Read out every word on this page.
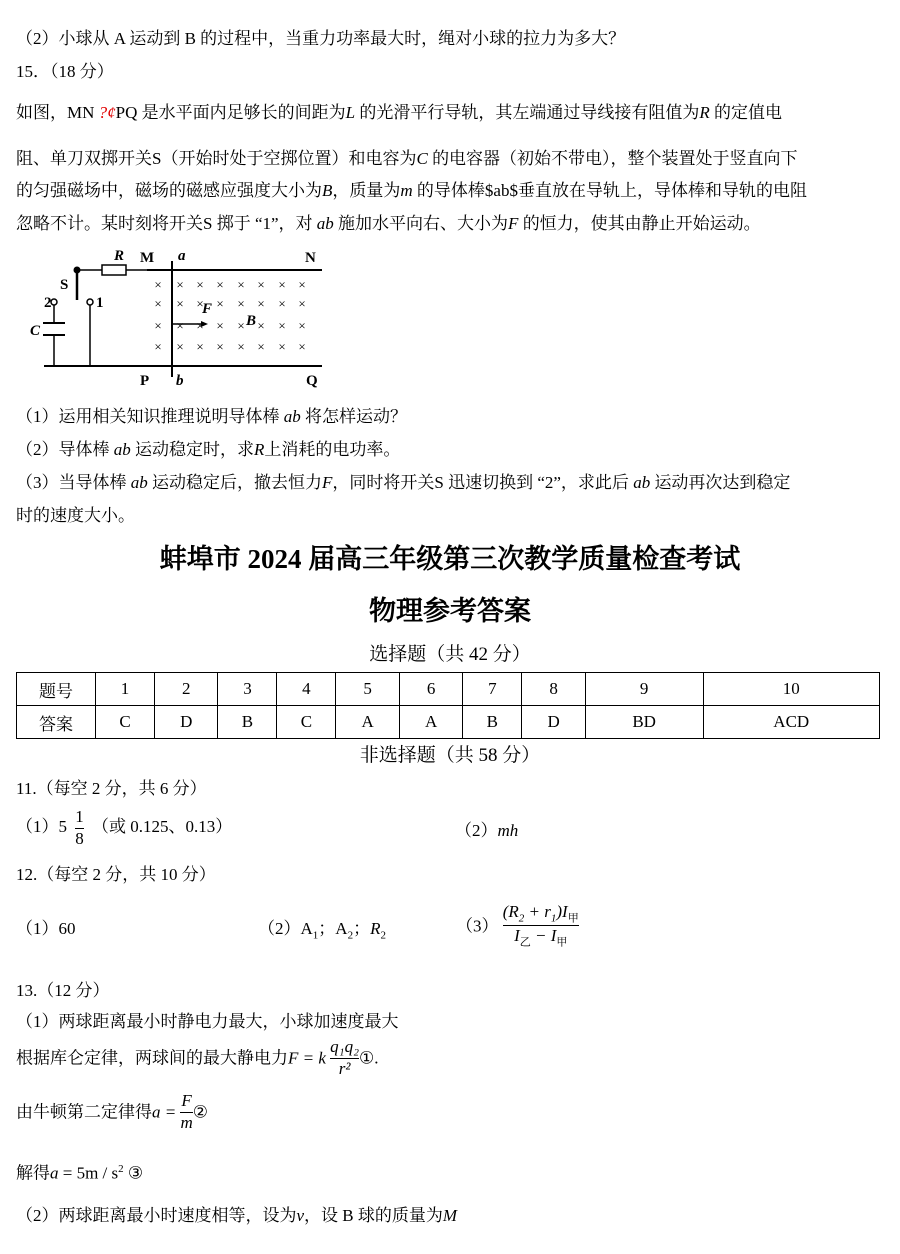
（2）小球从 A 运动到 B 的过程中，当重力功率最大时，绳对小球的拉力为多大？
15．（18 分）
如图，MN ?¢PQ 是水平面内足够长的间距为L 的光滑平行导轨，其左端通过导线接有阻值为R 的定值电
阻、单刀双掷开关S（开始时处于空掷位置）和电容为C 的电容器（初始不带电），整个装置处于竖直向下
的匀强磁场中，磁场的磁感应强度大小为B，质量为m 的导体棒$ab$垂直放在导轨上，导体棒和导轨的电阻
忽略不计。某时刻将开关S 掷于 “1”，对 ab 施加水平向右、大小为F 的恒力，使其由静止开始运动。
× × × × × × × ×
× × × × × × × ×
× × × × × × × ×
× × × × × × × ×
R M a	N
S
2	1
C
F
B
P b	Q
（1）运用相关知识推理说明导体棒 ab 将怎样运动？
（2）导体棒 ab 运动稳定时，求R上消耗的电功率。
（3）当导体棒 ab 运动稳定后，撤去恒力F，同时将开关S 迅速切换到 “2”，求此后 ab 运动再次达到稳定
时的速度大小。
蚌埠市 2024 届高三年级第三次教学质量检查考试
物理参考答案
选择题（共 42 分）
题号	1	2	3	4	5	6	7	8	9	10
答案	C	D	B	C	A	A	B	D	BD	ACD
非选择题（共 58 分）
11.（每空 2 分，共 6 分）
$(1)5 \frac{1}{8}$ （或 0.125、0.13）	（2）mh
12.（每空 2 分，共 10 分）
（1）60	$(2)A_1$；$A_2$；$R_2$	$(3) \frac{(R_2 + r_1)I_甲}{I_乙 - I_甲}$
13.（12 分）
（1）两球距离最小时静电力最大，小球加速度最大
根据库仑定律，两球间的最大静电力F = k $\frac{\text{q₁q₂}}{\text{r²}}$ ①.
由牛顿第二定律得$a = \frac{F}{m}$ ②
解得$a = 5m / s^2$ ③
（2）两球距离最小时速度相等，设为v，设 B 球的质量为M
